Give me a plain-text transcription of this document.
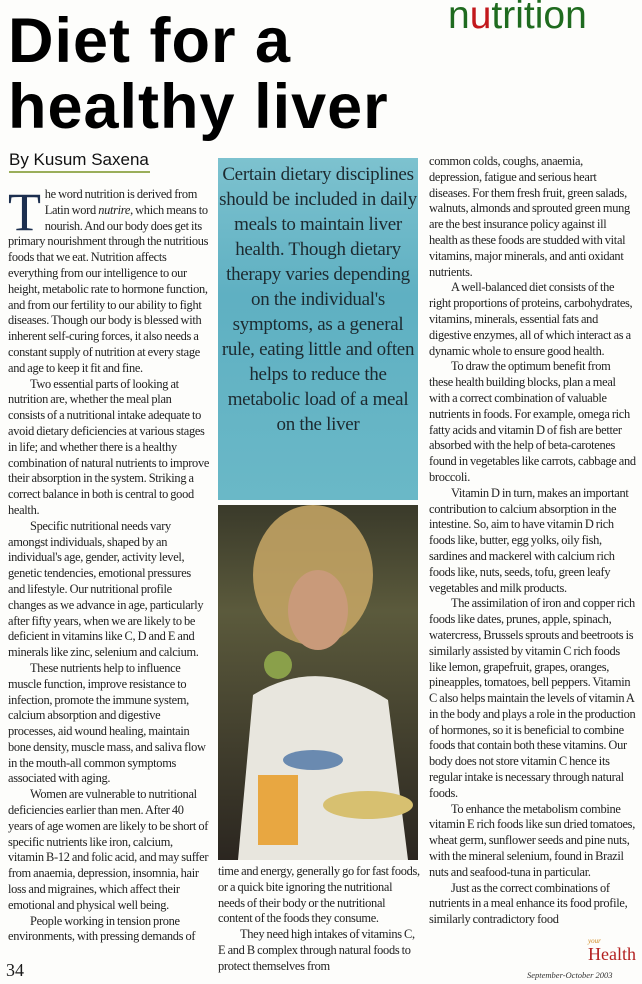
nutrition
Diet for a
healthy liver
By Kusum Saxena

The word nutrition is derived from Latin word nutrire, which means to nourish. And our body does get its primary nourishment through the nutritious foods that we eat. Nutrition affects everything from our intelligence to our height, metabolic rate to hormone function, and from our fertility to our ability to fight diseases. Though our body is blessed with inherent self-curing forces, it also needs a constant supply of nutrition at every stage and age to keep it fit and fine.

Two essential parts of looking at nutrition are, whether the meal plan consists of a nutritional intake adequate to avoid dietary deficiencies at various stages in life; and whether there is a healthy combination of natural nutrients to improve their absorption in the system. Striking a correct balance in both is central to good health.

Specific nutritional needs vary amongst individuals, shaped by an individual's age, gender, activity level, genetic tendencies, emotional pressures and lifestyle. Our nutritional profile changes as we advance in age, particularly after fifty years, when we are likely to be deficient in vitamins like C, D and E and minerals like zinc, selenium and calcium.

These nutrients help to influence muscle function, improve resistance to infection, promote the immune system, calcium absorption and digestive processes, aid wound healing, maintain bone density, muscle mass, and saliva flow in the mouth-all common symptoms associated with aging.

Women are vulnerable to nutritional deficiencies earlier than men. After 40 years of age women are likely to be short of specific nutrients like iron, calcium, vitamin B-12 and folic acid, and may suffer from anaemia, depression, insomnia, hair loss and migraines, which affect their emotional and physical well being.

People working in tension prone environments, with pressing demands of

Certain dietary disciplines should be included in daily meals to maintain liver health. Though dietary therapy varies depending on the individual's symptoms, as a general rule, eating little and often helps to reduce the metabolic load of a meal on the liver

time and energy, generally go for fast foods, or a quick bite ignoring the nutritional needs of their body or the nutritional content of the foods they consume.

They need high intakes of vitamins C, E and B complex through natural foods to protect themselves from

common colds, coughs, anaemia, depression, fatigue and serious heart diseases. For them fresh fruit, green salads, walnuts, almonds and sprouted green mung are the best insurance policy against ill health as these foods are studded with vital vitamins, major minerals, and anti oxidant nutrients.

A well-balanced diet consists of the right proportions of proteins, carbohydrates, vitamins, minerals, essential fats and digestive enzymes, all of which interact as a dynamic whole to ensure good health.

To draw the optimum benefit from these health building blocks, plan a meal with a correct combination of valuable nutrients in foods. For example, omega rich fatty acids and vitamin D of fish are better absorbed with the help of beta-carotenes found in vegetables like carrots, cabbage and broccoli.

Vitamin D in turn, makes an important contribution to calcium absorption in the intestine. So, aim to have vitamin D rich foods like, butter, egg yolks, oily fish, sardines and mackerel with calcium rich foods like, nuts, seeds, tofu, green leafy vegetables and milk products.

The assimilation of iron and copper rich foods like dates, prunes, apple, spinach, watercress, Brussels sprouts and beetroots is similarly assisted by vitamin C rich foods like lemon, grapefruit, grapes, oranges, pineapples, tomatoes, bell peppers. Vitamin C also helps maintain the levels of vitamin A in the body and plays a role in the production of hormones, so it is beneficial to combine foods that contain both these vitamins. Our body does not store vitamin C hence its regular intake is necessary through natural foods.

To enhance the metabolism combine vitamin E rich foods like sun dried tomatoes, wheat germ, sunflower seeds and pine nuts, with the mineral selenium, found in Brazil nuts and seafood-tuna in particular.

Just as the correct combinations of nutrients in a meal enhance its food profile, similarly contradictory food

34
your
Health
September-October 2003
